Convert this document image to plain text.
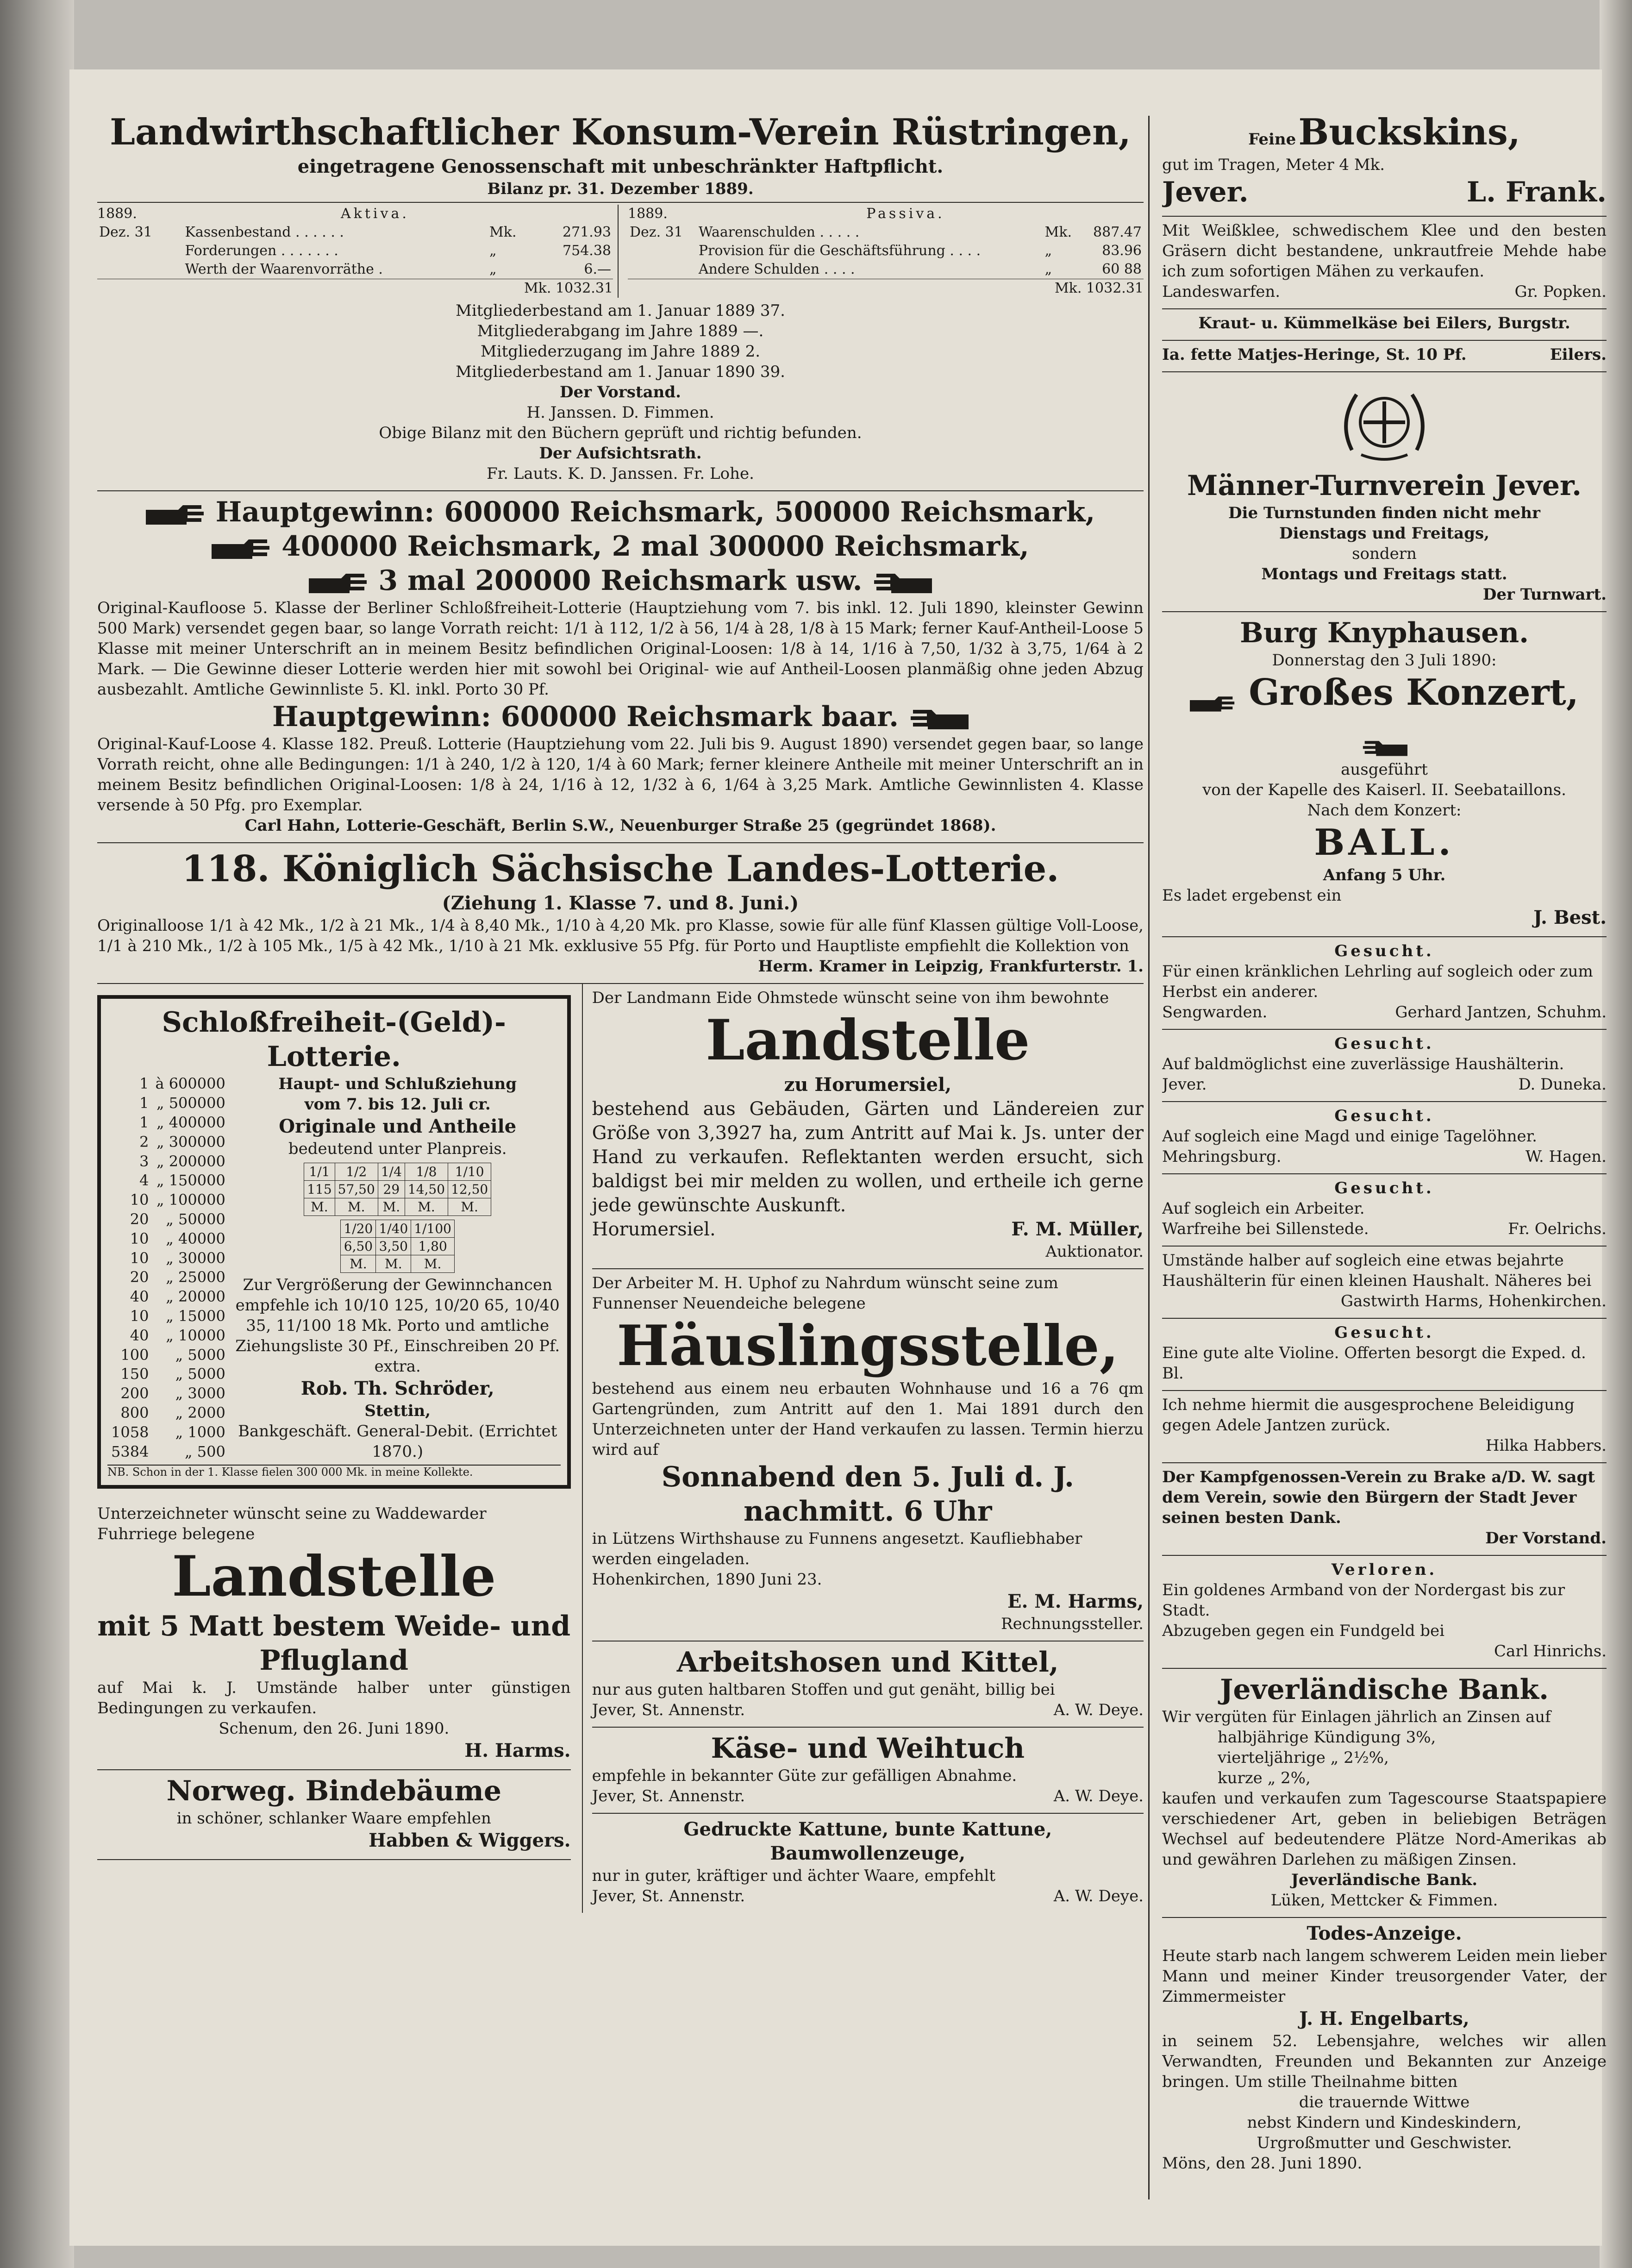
Landwirthschaftlicher Konsum-Verein Rüstringen,
eingetragene Genossenschaft mit unbeschränkter Haftpflicht.
Bilanz pr. 31. Dezember 1889.
1889.	Aktiva.
Dez. 31	Kassenbestand . . . . . .	Mk.	271.93
	Forderungen . . . . . . .	„	754.38
	Werth der Waarenvorräthe .	„	6.—
Mk. 1032.31
1889.	Passiva.
Dez. 31	Waarenschulden . . . . .	Mk.	887.47
	Provision für die Geschäftsführung . . . .	„	83.96
	Andere Schulden . . . .	„	60 88
Mk. 1032.31
Mitgliederbestand am 1. Januar 1889 37.
Mitgliederabgang im Jahre 1889 —.
Mitgliederzugang im Jahre 1889 2.
Mitgliederbestand am 1. Januar 1890 39.
Der Vorstand.
H. Janssen. D. Fimmen.
Obige Bilanz mit den Büchern geprüft und richtig befunden.
Der Aufsichtsrath.
Fr. Lauts. K. D. Janssen. Fr. Lohe.
Hauptgewinn: 600000 Reichsmark, 500000 Reichsmark,
400000 Reichsmark, 2 mal 300000 Reichsmark,
3 mal 200000 Reichsmark usw.
Original-Kaufloose 5. Klasse der Berliner Schloßfreiheit-Lotterie (Hauptziehung vom 7. bis inkl. 12. Juli 1890, kleinster Gewinn 500 Mark) versendet gegen baar, so lange Vorrath reicht: 1/1 à 112, 1/2 à 56, 1/4 à 28, 1/8 à 15 Mark; ferner Kauf-Antheil-Loose 5 Klasse mit meiner Unterschrift an in meinem Besitz befindlichen Original-Loosen: 1/8 à 14, 1/16 à 7,50, 1/32 à 3,75, 1/64 à 2 Mark. — Die Gewinne dieser Lotterie werden hier mit sowohl bei Original- wie auf Antheil-Loosen planmäßig ohne jeden Abzug ausbezahlt. Amtliche Gewinnliste 5. Kl. inkl. Porto 30 Pf.
Hauptgewinn: 600000 Reichsmark baar.
Original-Kauf-Loose 4. Klasse 182. Preuß. Lotterie (Hauptziehung vom 22. Juli bis 9. August 1890) versendet gegen baar, so lange Vorrath reicht, ohne alle Bedingungen: 1/1 à 240, 1/2 à 120, 1/4 à 60 Mark; ferner kleinere Antheile mit meiner Unterschrift an in meinem Besitz befindlichen Original-Loosen: 1/8 à 24, 1/16 à 12, 1/32 à 6, 1/64 à 3,25 Mark. Amtliche Gewinnlisten 4. Klasse versende à 50 Pfg. pro Exemplar.
Carl Hahn, Lotterie-Geschäft, Berlin S.W., Neuenburger Straße 25 (gegründet 1868).
118. Königlich Sächsische Landes-Lotterie.
(Ziehung 1. Klasse 7. und 8. Juni.)
Originalloose 1/1 à 42 Mk., 1/2 à 21 Mk., 1/4 à 8,40 Mk., 1/10 à 4,20 Mk. pro Klasse, sowie für alle fünf Klassen gültige Voll-Loose, 1/1 à 210 Mk., 1/2 à 105 Mk., 1/5 à 42 Mk., 1/10 à 21 Mk. exklusive 55 Pfg. für Porto und Hauptliste empfiehlt die Kollektion von
Herm. Kramer in Leipzig, Frankfurterstr. 1.
Schloßfreiheit-(Geld)-
Lotterie.
1	à 600000
1	„ 500000
1	„ 400000
2	„ 300000
3	„ 200000
4	„ 150000
10	„ 100000
20	„ 50000
10	„ 40000
10	„ 30000
20	„ 25000
40	„ 20000
10	„ 15000
40	„ 10000
100	„ 5000
150	„ 5000
200	„ 3000
800	„ 2000
1058	„ 1000
5384	„ 500
Haupt- und Schlußziehung
vom 7. bis 12. Juli cr.
Originale und Antheile
bedeutend unter Planpreis.
1/1	1/2	1/4	1/8	1/10
115	57,50	29	14,50	12,50
M.	M.	M.	M.	M.
1/20	1/40	1/100
6,50	3,50	1,80
M.	M.	M.
Zur Vergrößerung der Gewinnchancen empfehle ich 10/10 125, 10/20 65, 10/40 35, 11/100 18 Mk. Porto und amtliche Ziehungsliste 30 Pf., Einschreiben 20 Pf. extra.
Rob. Th. Schröder,
Stettin,
Bankgeschäft. General-Debit. (Errichtet 1870.)
NB. Schon in der 1. Klasse fielen 300 000 Mk. in meine Kollekte.
Unterzeichneter wünscht seine zu Waddewarder Fuhrriege belegene
Landstelle
mit 5 Matt bestem Weide- und Pflugland
auf Mai k. J. Umstände halber unter günstigen Bedingungen zu verkaufen.
Schenum, den 26. Juni 1890.
H. Harms.
Norweg. Bindebäume
in schöner, schlanker Waare empfehlen
Habben & Wiggers.
Der Landmann Eide Ohmstede wünscht seine von ihm bewohnte
Landstelle
zu Horumersiel,
bestehend aus Gebäuden, Gärten und Ländereien zur Größe von 3,3927 ha, zum Antritt auf Mai k. Js. unter der Hand zu verkaufen. Reflektanten werden ersucht, sich baldigst bei mir melden zu wollen, und ertheile ich gerne jede gewünschte Auskunft.
Horumersiel.	F. M. Müller,
Auktionator.
Der Arbeiter M. H. Uphof zu Nahrdum wünscht seine zum Funnenser Neuendeiche belegene
Häuslingsstelle,
bestehend aus einem neu erbauten Wohnhause und 16 a 76 qm Gartengründen, zum Antritt auf den 1. Mai 1891 durch den Unterzeichneten unter der Hand verkaufen zu lassen. Termin hierzu wird auf
Sonnabend den 5. Juli d. J.
nachmitt. 6 Uhr
in Lützens Wirthshause zu Funnens angesetzt. Kaufliebhaber werden eingeladen.
Hohenkirchen, 1890 Juni 23.
E. M. Harms,
Rechnungssteller.
Arbeitshosen und Kittel,
nur aus guten haltbaren Stoffen und gut genäht, billig bei
Jever, St. Annenstr.	A. W. Deye.
Käse- und Weihtuch
empfehle in bekannter Güte zur gefälligen Abnahme.
Jever, St. Annenstr.	A. W. Deye.
Gedruckte Kattune, bunte Kattune, Baumwollenzeuge,
nur in guter, kräftiger und ächter Waare, empfehlt
Jever, St. Annenstr.	A. W. Deye.
Feine Buckskins,
gut im Tragen, Meter 4 Mk.
Jever.	L. Frank.
Mit Weißklee, schwedischem Klee und den besten Gräsern dicht bestandene, unkrautfreie Mehde habe ich zum sofortigen Mähen zu verkaufen.
Landeswarfen.	Gr. Popken.
Kraut- u. Kümmelkäse bei Eilers, Burgstr.
Ia. fette Matjes-Heringe, St. 10 Pf.	Eilers.
Männer-Turnverein Jever.
Die Turnstunden finden nicht mehr
Dienstags und Freitags,
sondern
Montags und Freitags statt.
Der Turnwart.
Burg Knyphausen.
Donnerstag den 3 Juli 1890:
Großes Konzert,
ausgeführt
von der Kapelle des Kaiserl. II. Seebataillons.
Nach dem Konzert:
BALL.
Anfang 5 Uhr.
Es ladet ergebenst ein
J. Best.
Gesucht.
Für einen kränklichen Lehrling auf sogleich oder zum Herbst ein anderer.
Sengwarden.	Gerhard Jantzen, Schuhm.
Gesucht.
Auf baldmöglichst eine zuverlässige Haushälterin.
Jever.	D. Duneka.
Gesucht.
Auf sogleich eine Magd und einige Tagelöhner.
Mehringsburg.	W. Hagen.
Gesucht.
Auf sogleich ein Arbeiter.
Warfreihe bei Sillenstede.	Fr. Oelrichs.
Umstände halber auf sogleich eine etwas bejahrte Haushälterin für einen kleinen Haushalt. Näheres bei
Gastwirth Harms, Hohenkirchen.
Gesucht.
Eine gute alte Violine. Offerten besorgt die Exped. d. Bl.
Ich nehme hiermit die ausgesprochene Beleidigung gegen Adele Jantzen zurück.
Hilka Habbers.
Der Kampfgenossen-Verein zu Brake a/D. W. sagt dem Verein, sowie den Bürgern der Stadt Jever seinen besten Dank.
Der Vorstand.
Verloren.
Ein goldenes Armband von der Nordergast bis zur Stadt.
Abzugeben gegen ein Fundgeld bei
Carl Hinrichs.
Jeverländische Bank.
Wir vergüten für Einlagen jährlich an Zinsen auf
halbjährige Kündigung 3%,
vierteljährige „ 2½%,
kurze „ 2%,
kaufen und verkaufen zum Tagescourse Staatspapiere verschiedener Art, geben in beliebigen Beträgen Wechsel auf bedeutendere Plätze Nord-Amerikas ab und gewähren Darlehen zu mäßigen Zinsen.
Jeverländische Bank.
Lüken, Mettcker & Fimmen.
Todes-Anzeige.
Heute starb nach langem schwerem Leiden mein lieber Mann und meiner Kinder treusorgender Vater, der Zimmermeister
J. H. Engelbarts,
in seinem 52. Lebensjahre, welches wir allen Verwandten, Freunden und Bekannten zur Anzeige bringen. Um stille Theilnahme bitten
die trauernde Wittwe
nebst Kindern und Kindeskindern,
Urgroßmutter und Geschwister.
Möns, den 28. Juni 1890.
